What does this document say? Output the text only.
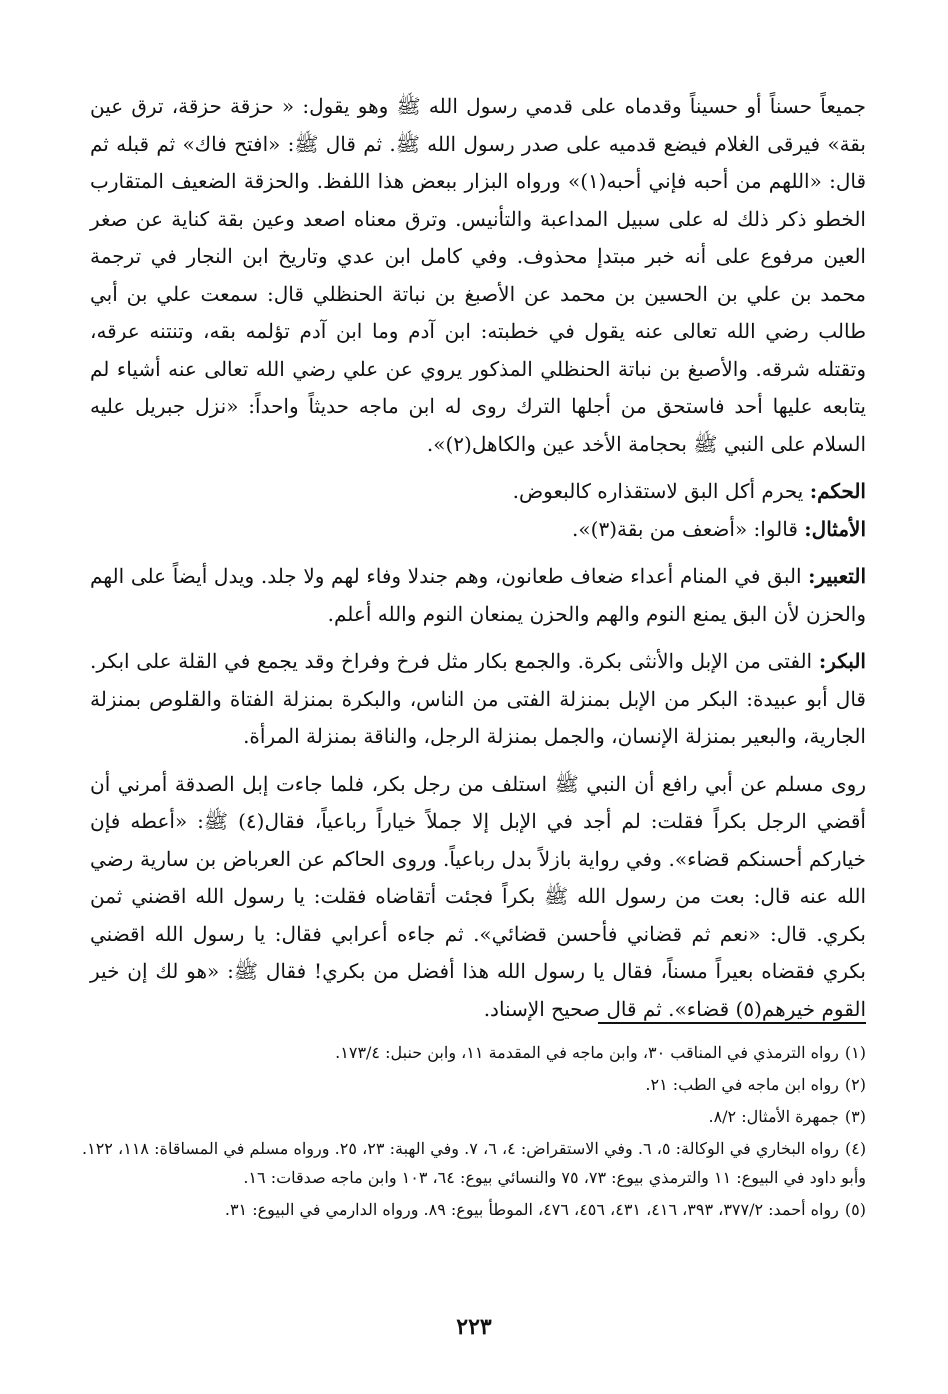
جميعاً حسناً أو حسيناً وقدماه على قدمي رسول الله ﷺ وهو يقول: « حزقة حزقة، ترق عين بقة» فيرقى الغلام فيضع قدميه على صدر رسول الله ﷺ. ثم قال ﷺ: «افتح فاك» ثم قبله ثم قال: «اللهم من أحبه فإني أحبه(١)» ورواه البزار ببعض هذا اللفظ. والحزقة الضعيف المتقارب الخطو ذكر ذلك له على سبيل المداعبة والتأنيس. وترق معناه اصعد وعين بقة كناية عن صغر العين مرفوع على أنه خبر مبتدإ محذوف. وفي كامل ابن عدي وتاريخ ابن النجار في ترجمة محمد بن علي بن الحسين بن محمد عن الأصبغ بن نباتة الحنظلي قال: سمعت علي بن أبي طالب رضي الله تعالى عنه يقول في خطبته: ابن آدم وما ابن آدم تؤلمه بقه، وتنتنه عرقه، وتقتله شرقه. والأصبغ بن نباتة الحنظلي المذكور يروي عن علي رضي الله تعالى عنه أشياء لم يتابعه عليها أحد فاستحق من أجلها الترك روى له ابن ماجه حديثاً واحداً: «نزل جبريل عليه السلام على النبي ﷺ بحجامة الأخد عين والكاهل(٢)».

الحكم: يحرم أكل البق لاستقذاره كالبعوض.

الأمثال: قالوا: «أضعف من بقة(٣)».

التعبير: البق في المنام أعداء ضعاف طعانون، وهم جندلا وفاء لهم ولا جلد. ويدل أيضاً على الهم والحزن لأن البق يمنع النوم والهم والحزن يمنعان النوم والله أعلم.

البكر: الفتى من الإبل والأنثى بكرة. والجمع بكار مثل فرخ وفراخ وقد يجمع في القلة على ابكر. قال أبو عبيدة: البكر من الإبل بمنزلة الفتى من الناس، والبكرة بمنزلة الفتاة والقلوص بمنزلة الجارية، والبعير بمنزلة الإنسان، والجمل بمنزلة الرجل، والناقة بمنزلة المرأة.

روى مسلم عن أبي رافع أن النبي ﷺ استلف من رجل بكر، فلما جاءت إبل الصدقة أمرني أن أقضي الرجل بكراً فقلت: لم أجد في الإبل إلا جملاً خياراً رباعياً، فقال(٤) ﷺ: «أعطه فإن خياركم أحسنكم قضاء». وفي رواية بازلاً بدل رباعياً. وروى الحاكم عن العرباض بن سارية رضي الله عنه قال: بعت من رسول الله ﷺ بكراً فجئت أتقاضاه فقلت: يا رسول الله اقضني ثمن بكري. قال: «نعم ثم قضاني فأحسن قضائي». ثم جاءه أعرابي فقال: يا رسول الله اقضني بكري فقضاه بعيراً مسناً، فقال يا رسول الله هذا أفضل من بكري! فقال ﷺ: «هو لك إن خير القوم خيرهم(٥) قضاء». ثم قال صحيح الإسناد.

(١)رواه الترمذي في المناقب ٣٠، وابن ماجه في المقدمة ١١، وابن حنبل: ١٧٣/٤.

(٢)رواه ابن ماجه في الطب: ٢١.

(٣)جمهرة الأمثال: ٨/٢.

(٤)رواه البخاري في الوكالة: ٥، ٦. وفي الاستقراض: ٤، ٦، ٧. وفي الهبة: ٢٣، ٢٥. ورواه مسلم في المساقاة: ١١٨، ١٢٢. وأبو داود في البيوع: ١١ والترمذي بيوع: ٧٣، ٧٥ والنسائي بيوع: ٦٤، ١٠٣ وابن ماجه صدقات: ١٦.

(٥)رواه أحمد: ٣٧٧/٢، ٣٩٣، ٤١٦، ٤٣١، ٤٥٦، ٤٧٦، الموطأ بيوع: ٨٩. ورواه الدارمي في البيوع: ٣١.

٢٢٣
